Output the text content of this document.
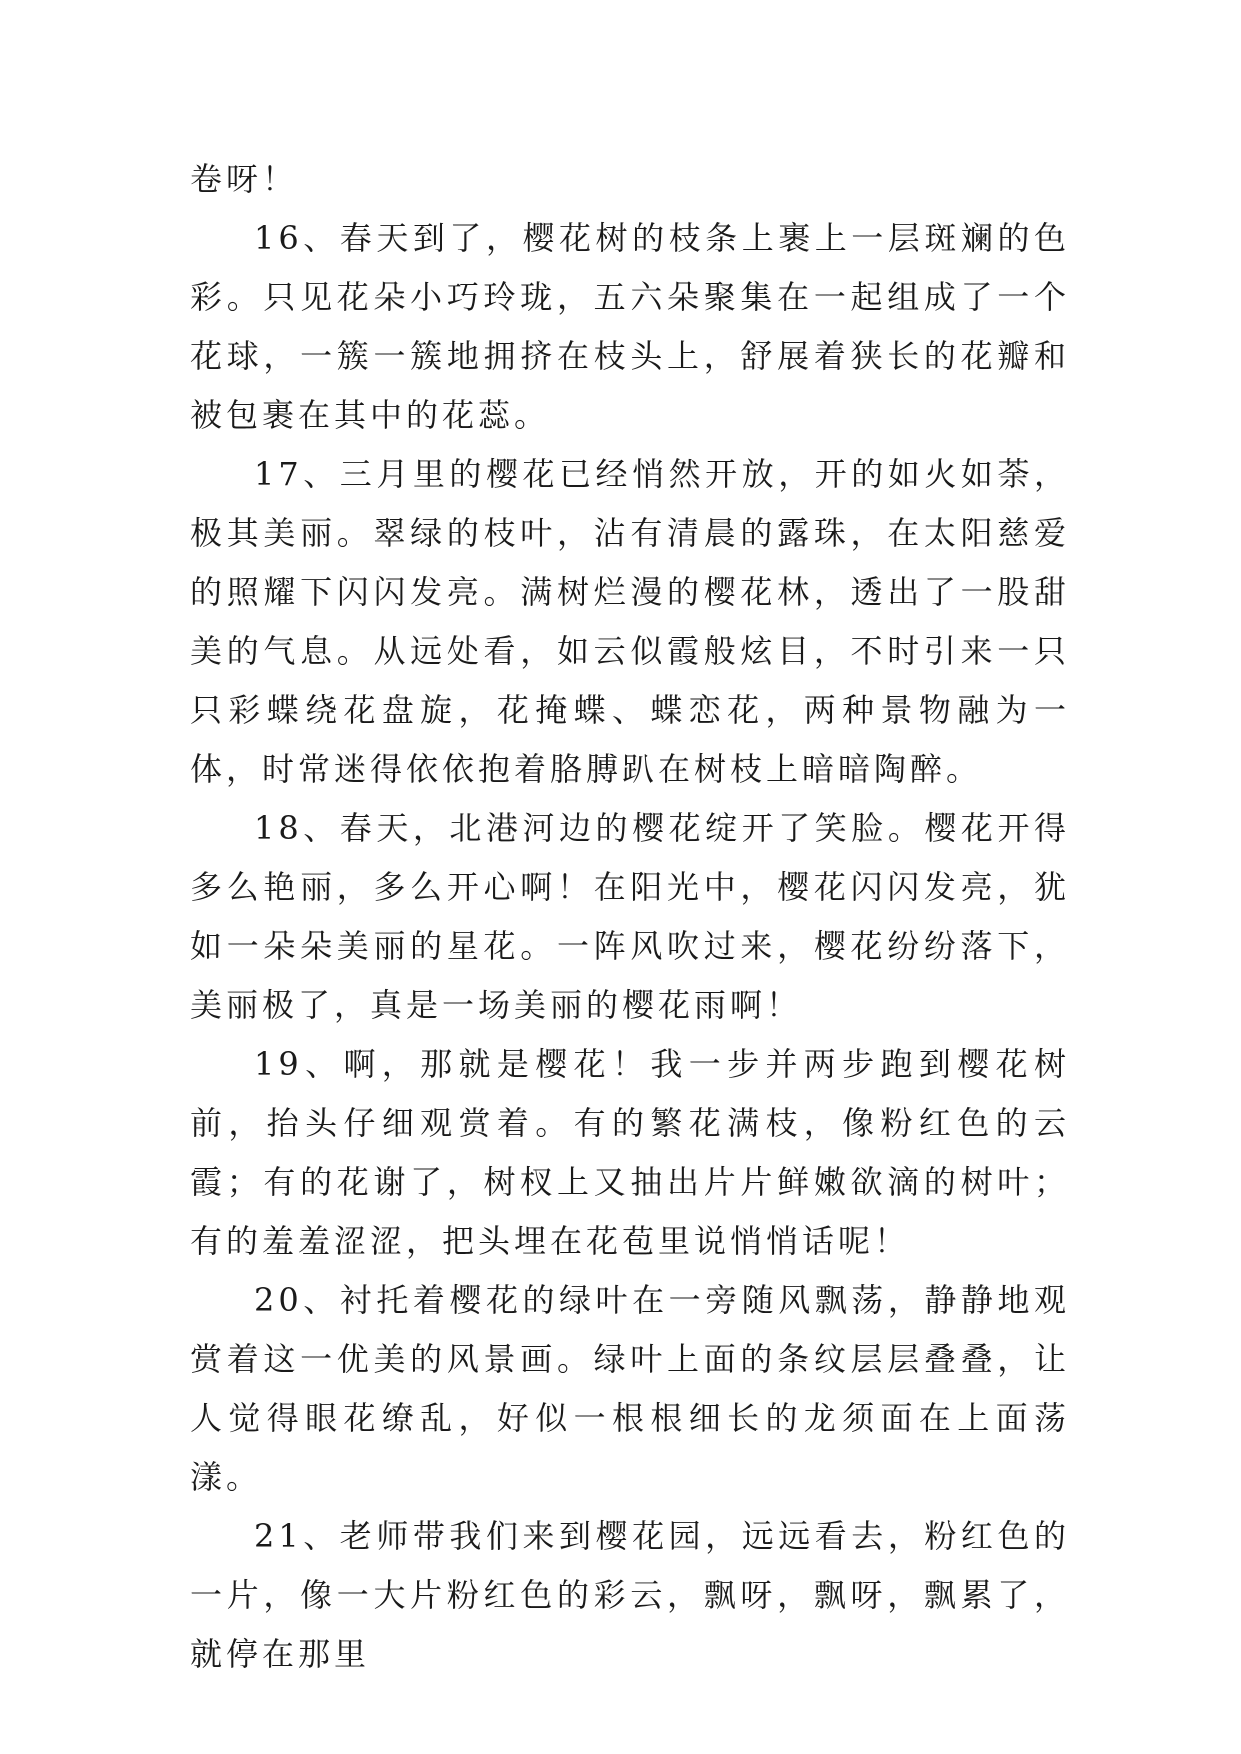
卷呀！

16、春天到了，樱花树的枝条上裹上一层斑斓的色彩。只见花朵小巧玲珑，五六朵聚集在一起组成了一个花球，一簇一簇地拥挤在枝头上，舒展着狭长的花瓣和被包裹在其中的花蕊。

17、三月里的樱花已经悄然开放，开的如火如荼，极其美丽。翠绿的枝叶，沾有清晨的露珠，在太阳慈爱的照耀下闪闪发亮。满树烂漫的樱花林，透出了一股甜美的气息。从远处看，如云似霞般炫目，不时引来一只只彩蝶绕花盘旋，花掩蝶、蝶恋花，两种景物融为一体，时常迷得依依抱着胳膊趴在树枝上暗暗陶醉。

18、春天，北港河边的樱花绽开了笑脸。樱花开得多么艳丽，多么开心啊！在阳光中，樱花闪闪发亮，犹如一朵朵美丽的星花。一阵风吹过来，樱花纷纷落下，美丽极了，真是一场美丽的樱花雨啊！

19、啊，那就是樱花！我一步并两步跑到樱花树前，抬头仔细观赏着。有的繁花满枝，像粉红色的云霞；有的花谢了，树杈上又抽出片片鲜嫩欲滴的树叶；有的羞羞涩涩，把头埋在花苞里说悄悄话呢！

20、衬托着樱花的绿叶在一旁随风飘荡，静静地观赏着这一优美的风景画。绿叶上面的条纹层层叠叠，让人觉得眼花缭乱，好似一根根细长的龙须面在上面荡漾。

21、老师带我们来到樱花园，远远看去，粉红色的一片，像一大片粉红色的彩云，飘呀，飘呀，飘累了，就停在那里
